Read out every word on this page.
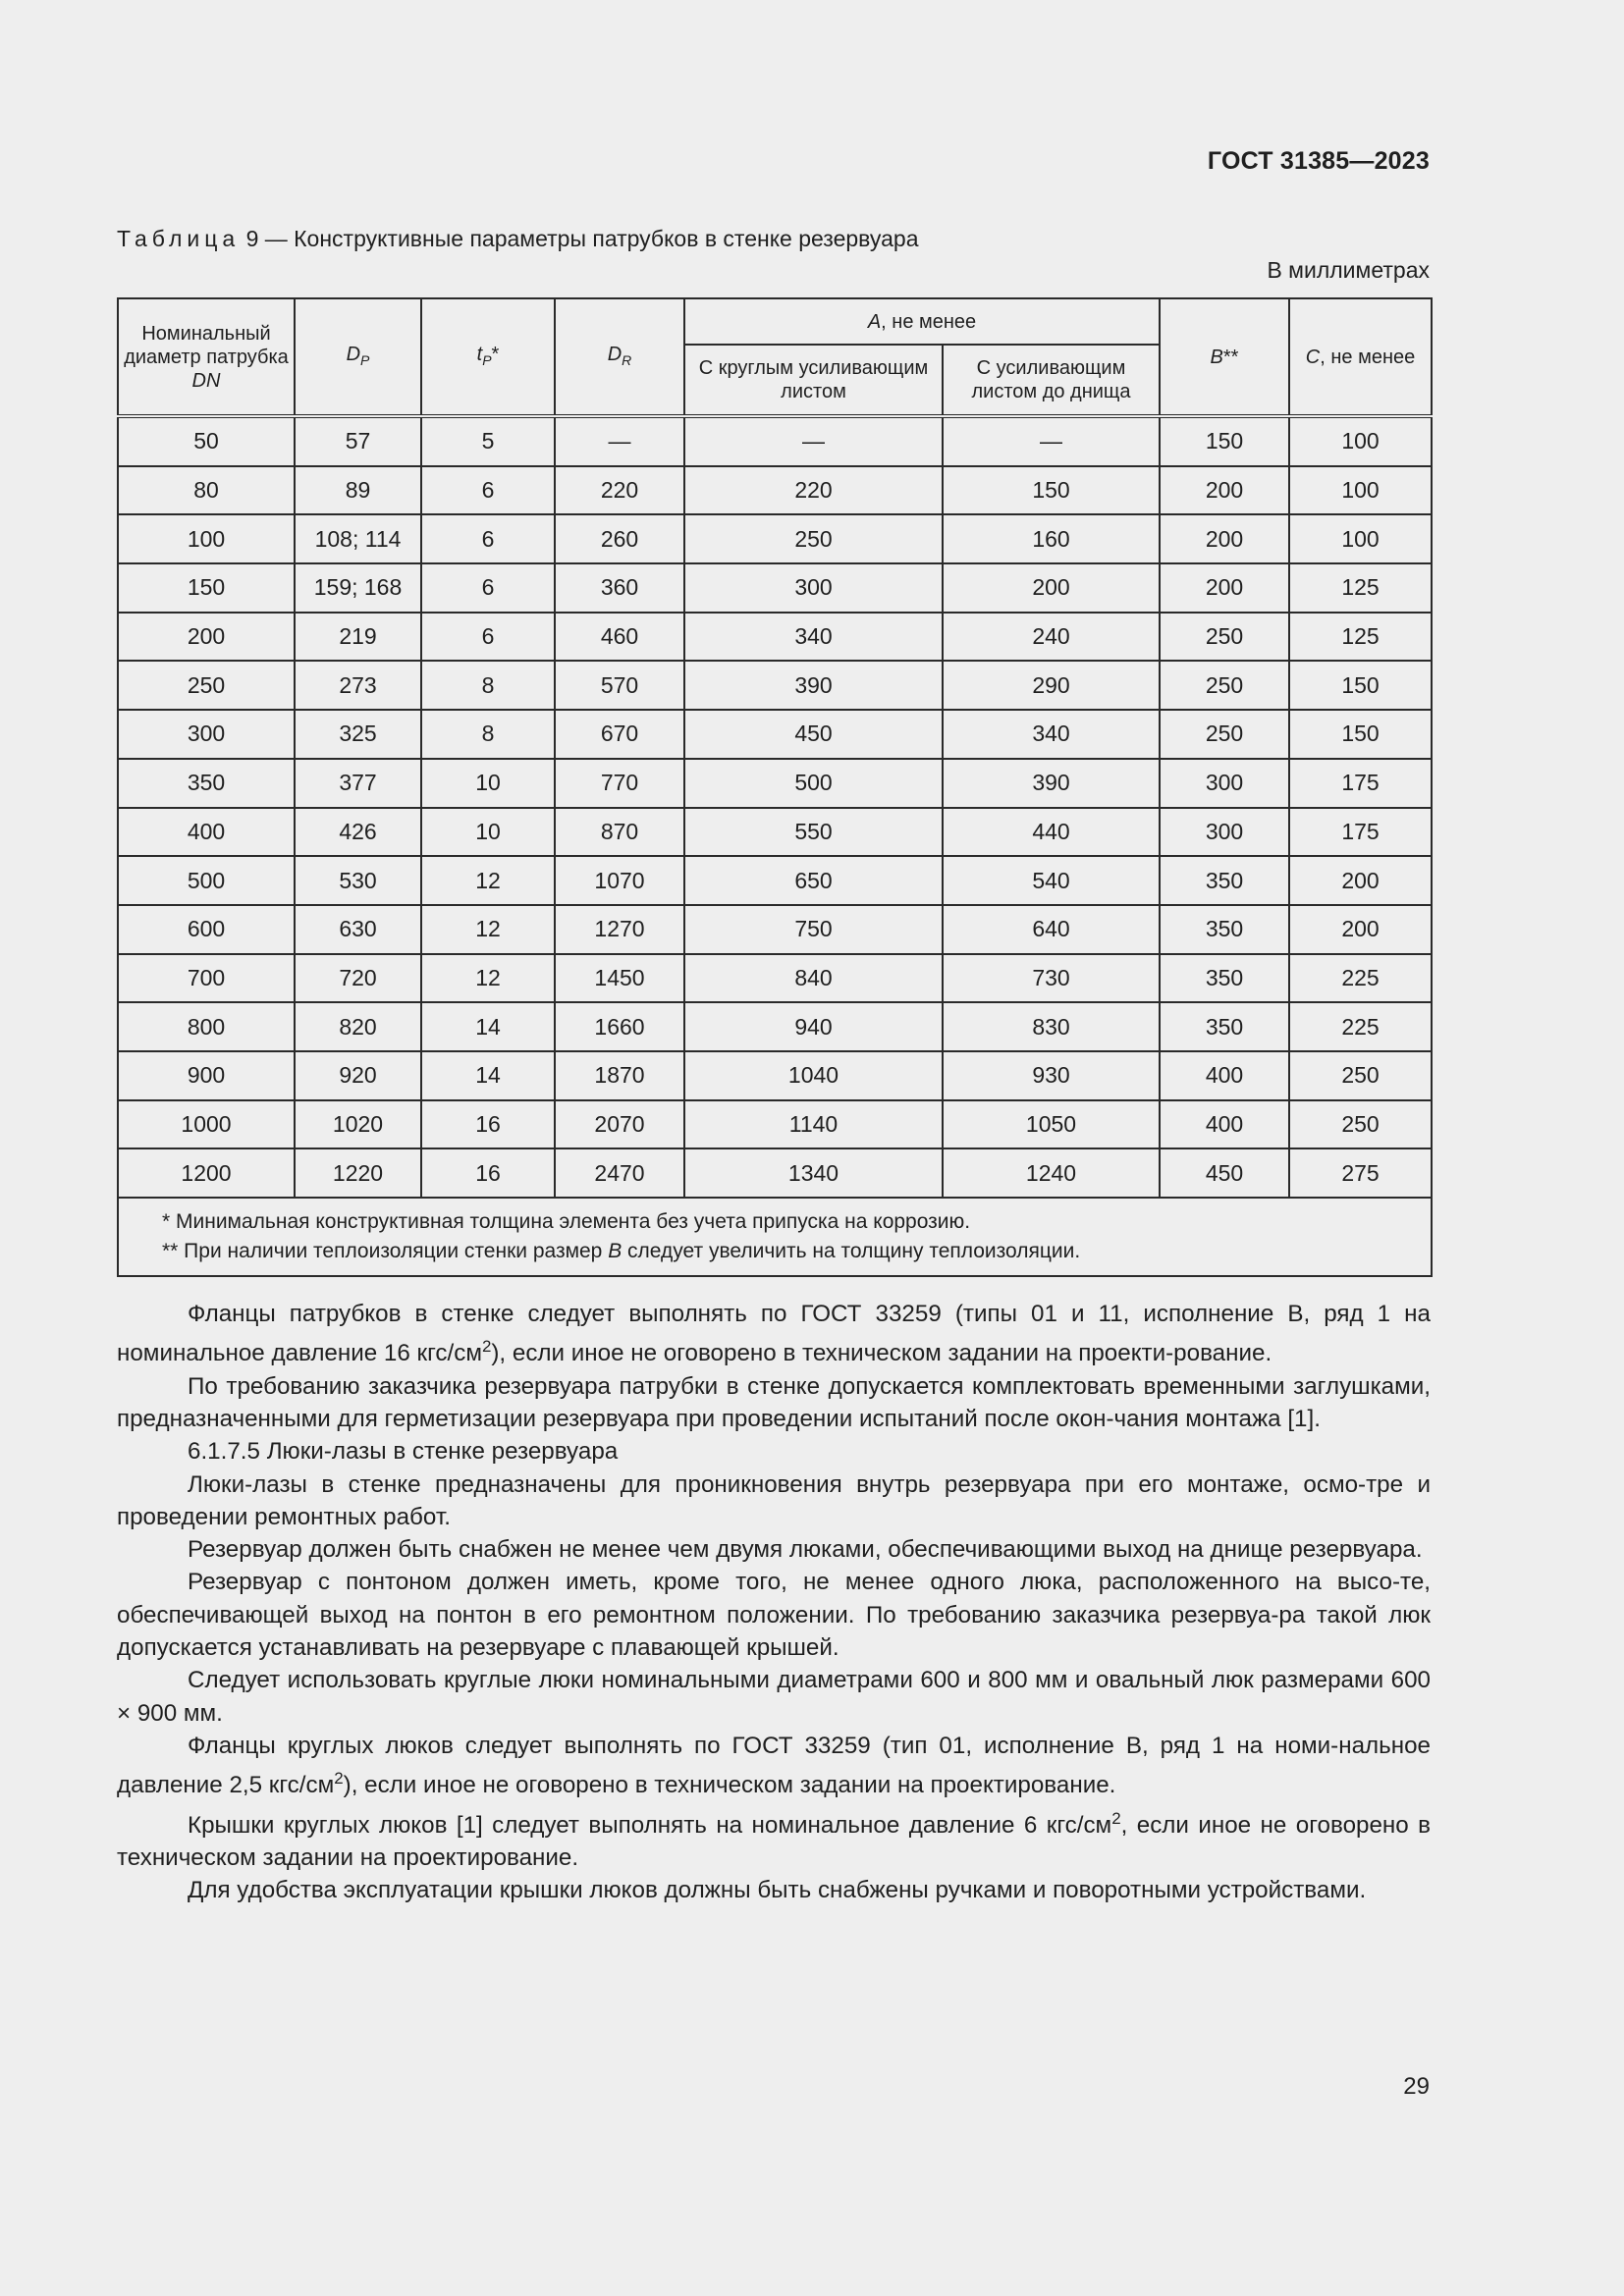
ГОСТ 31385—2023
Таблица 9 — Конструктивные параметры патрубков в стенке резервуара
В миллиметрах
Номинальный диаметр патрубка DN	$D_P$	$t_P*$	$D_R$	A, не менее		B**	C, не менее
				С круглым усиливающим листом	С усиливающим листом до днища		
50	57	5	—	—	—	150	100
80	89	6	220	220	150	200	100
100	108; 114	6	260	250	160	200	100
150	159; 168	6	360	300	200	200	125
200	219	6	460	340	240	250	125
250	273	8	570	390	290	250	150
300	325	8	670	450	340	250	150
350	377	10	770	500	390	300	175
400	426	10	870	550	440	300	175
500	530	12	1070	650	540	350	200
600	630	12	1270	750	640	350	200
700	720	12	1450	840	730	350	225
800	820	14	1660	940	830	350	225
900	920	14	1870	1040	930	400	250
1000	1020	16	2070	1140	1050	400	250
1200	1220	16	2470	1340	1240	450	275

* Минимальная конструктивная толщина элемента без учета припуска на коррозию.
** При наличии теплоизоляции стенки размер B следует увеличить на толщину теплоизоляции.							

Фланцы патрубков в стенке следует выполнять по ГОСТ 33259 (типы 01 и 11, исполнение В, ряд 1 на номинальное давление 16 кгс/$см^2$), если иное не оговорено в техническом задании на проекти-рование.

По требованию заказчика резервуара патрубки в стенке допускается комплектовать временными заглушками, предназначенными для герметизации резервуара при проведении испытаний после окон-чания монтажа [1].

6.1.7.5 Люки-лазы в стенке резервуара

Люки-лазы в стенке предназначены для проникновения внутрь резервуара при его монтаже, осмо-тре и проведении ремонтных работ.

Резервуар должен быть снабжен не менее чем двумя люками, обеспечивающими выход на днище резервуара.

Резервуар с понтоном должен иметь, кроме того, не менее одного люка, расположенного на высо-те, обеспечивающей выход на понтон в его ремонтном положении. По требованию заказчика резервуа-ра такой люк допускается устанавливать на резервуаре с плавающей крышей.

Следует использовать круглые люки номинальными диаметрами 600 и 800 мм и овальный люк размерами 600 × 900 мм.

Фланцы круглых люков следует выполнять по ГОСТ 33259 (тип 01, исполнение В, ряд 1 на номи-нальное давление 2,5 кгс/$см^2$), если иное не оговорено в техническом задании на проектирование.

Крышки круглых люков [1] следует выполнять на номинальное давление 6 кгс/$см^2$, если иное не оговорено в техническом задании на проектирование.

Для удобства эксплуатации крышки люков должны быть снабжены ручками и поворотными устройствами.

29
